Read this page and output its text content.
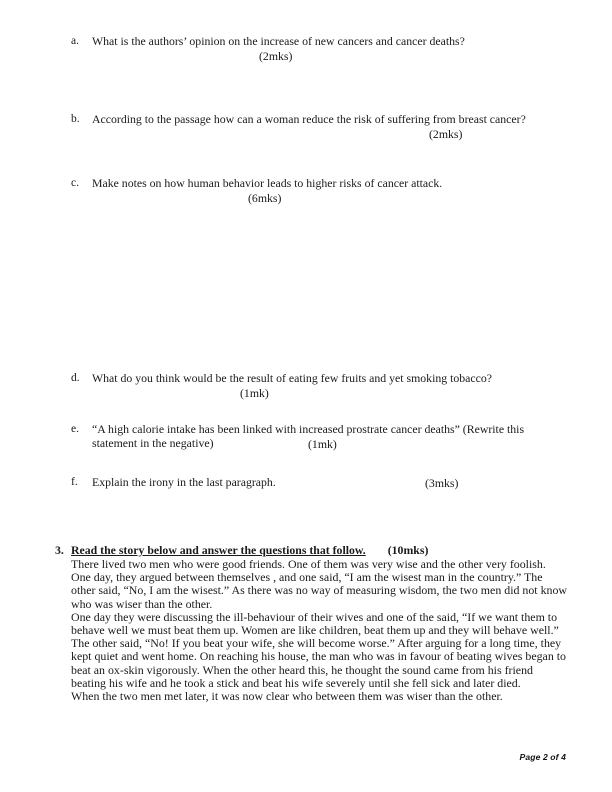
a.	What is the authors’ opinion on the increase of new cancers and cancer deaths?
(2mks)
b.	According to the passage how can a woman reduce the risk of suffering from breast cancer?
(2mks)
c.	Make notes on how human behavior leads to higher risks of cancer attack.
(6mks)
d.	What do you think would be the result of eating few fruits and yet smoking tobacco?
(1mk)
e.	“A high calorie intake has been linked with increased prostrate cancer deaths” (Rewrite this statement in the negative)	(1mk)
f.	Explain the irony in the last paragraph.	(3mks)
3. Read the story below and answer the questions that follow. (10mks)

There lived two men who were good friends. One of them was very wise and the other very foolish. One day, they argued between themselves , and one said, “I am the wisest man in the country.” The other said, “No, I am the wisest.” As there was no way of measuring wisdom, the two men did not know who was wiser than the other.

One day they were discussing the ill-behaviour of their wives and one of the said, “If we want them to behave well we must beat them up. Women are like children, beat them up and they will behave well.”

The other said, “No! If you beat your wife, she will become worse.” After arguing for a long time, they kept quiet and went home. On reaching his house, the man who was in favour of beating wives began to beat an ox-skin vigorously. When the other heard this, he thought the sound came from his friend beating his wife and he took a stick and beat his wife severely until she fell sick and later died.

When the two men met later, it was now clear who between them was wiser than the other.

Page 2 of 4
